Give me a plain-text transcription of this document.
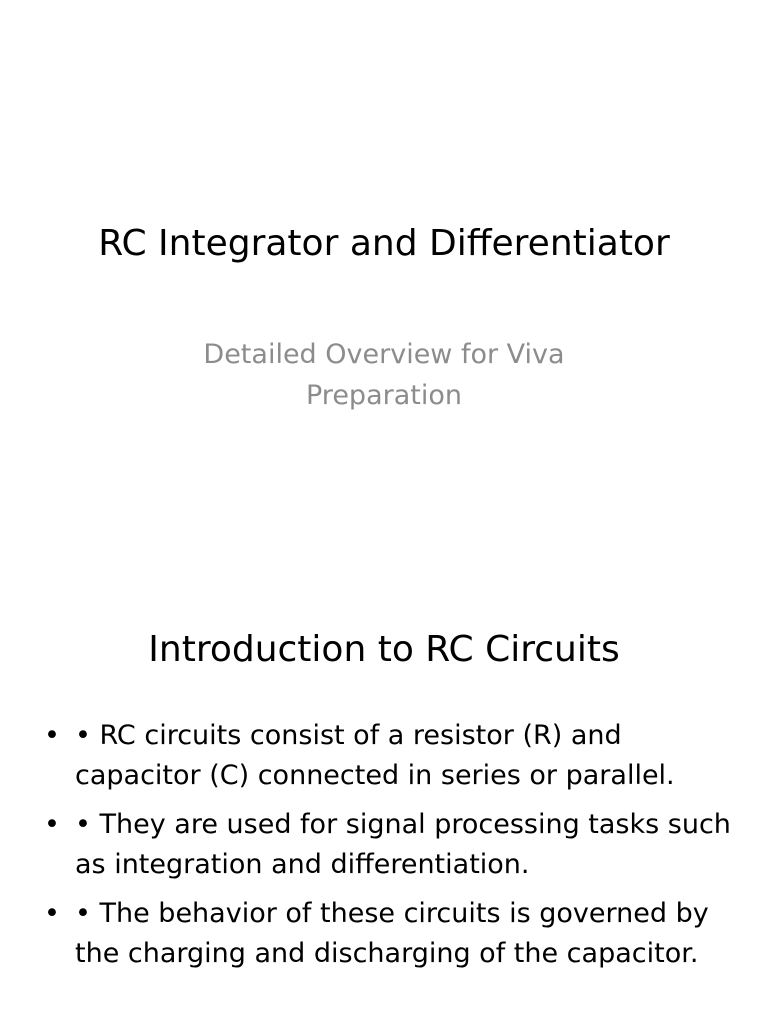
RC Integrator and Differentiator
Detailed Overview for Viva Preparation
Introduction to RC Circuits
• • RC circuits consist of a resistor (R) and capacitor (C) connected in series or parallel.
• • They are used for signal processing tasks such as integration and differentiation.
• • The behavior of these circuits is governed by the charging and discharging of the capacitor.
